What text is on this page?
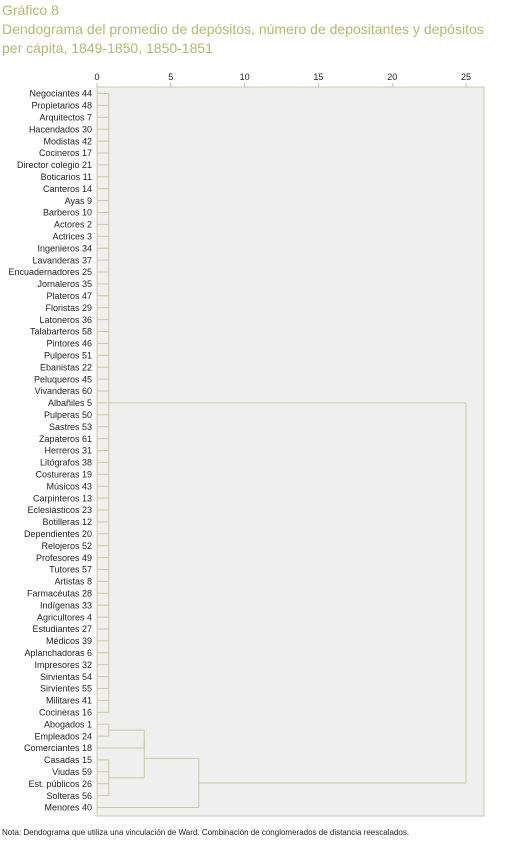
Gráfico 8
Dendograma del promedio de depósitos, número de depositantes y depósitos per cápita, 1849-1850, 1850-1851
0	5	10	15	20	25
Negociantes 44
Propietarios 48
Arquitectos 7
Hacendados 30
Modistas 42
Cocineros 17
Director colegio 21
Boticarios 11
Canteros 14
Ayas 9
Barberos 10
Actores 2
Actrices 3
Ingenieros 34
Lavanderas 37
Encuadernadores 25
Jornaleros 35
Plateros 47
Floristas 29
Latoneros 36
Talabarteros 58
Pintores 46
Pulperos 51
Ebanistas 22
Peluqueros 45
Vivanderas 60
Albañiles 5
Pulperas 50
Sastres 53
Zapateros 61
Herreros 31
Litógrafos 38
Costureras 19
Músicos 43
Carpinteros 13
Eclesiásticos 23
Botilleras 12
Dependientes 20
Relojeros 52
Profesores 49
Tutores 57
Artistas 8
Farmacéutas 28
Indígenas 33
Agricultores 4
Estudiantes 27
Médicos 39
Aplanchadoras 6
Impresores 32
Sirvientas 54
Sirvientes 55
Militares 41
Cocineras 16
Abogados 1
Empleados 24
Comerciantes 18
Casadas 15
Viudas 59
Est. públicos 26
Solteras 56
Menores 40
Nota: Dendograma que utiliza una vinculación de Ward. Combinación de conglomerados de distancia reescalados.
